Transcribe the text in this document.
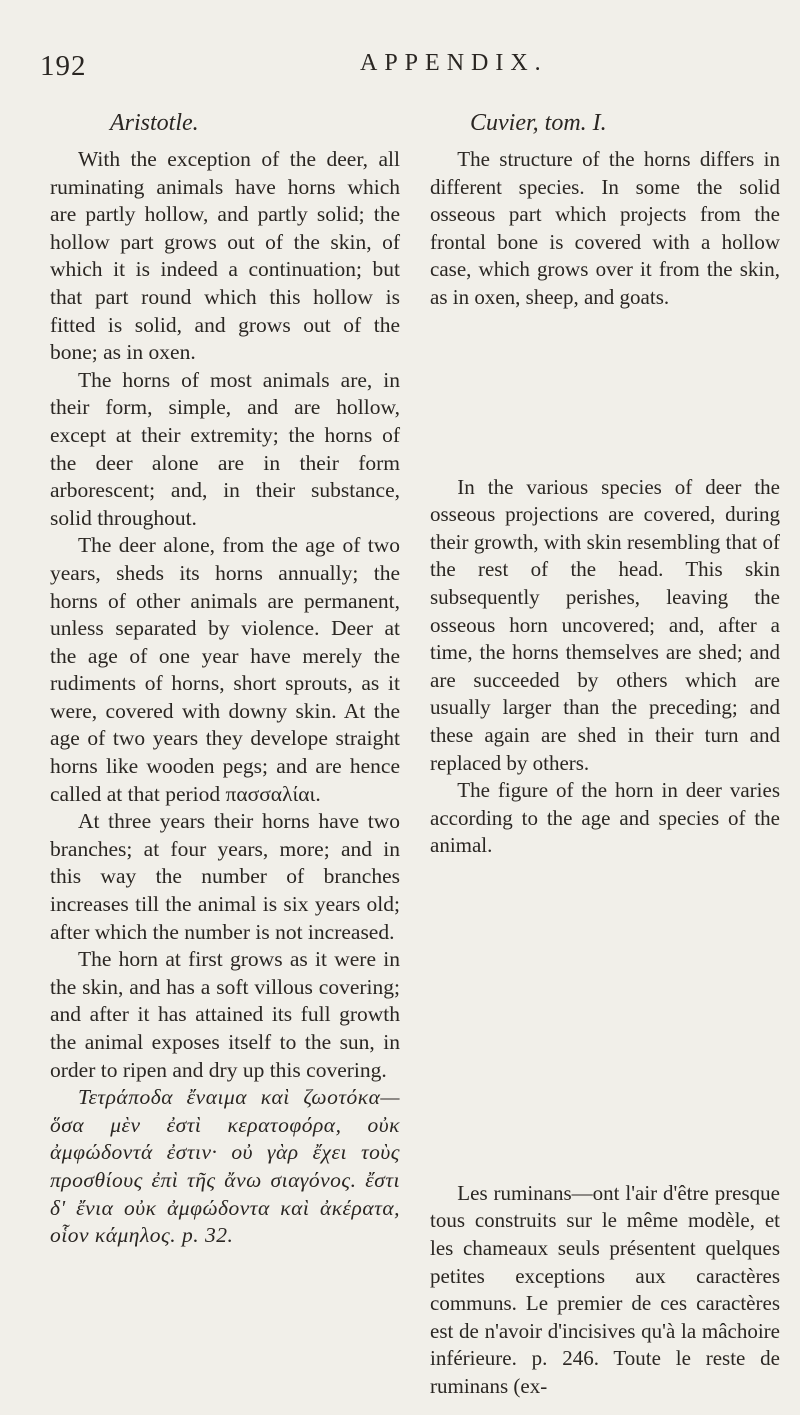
192	APPENDIX.
Aristotle.

With the exception of the deer, all ruminating animals have horns which are partly hollow, and partly solid; the hollow part grows out of the skin, of which it is indeed a continuation; but that part round which this hollow is fitted is solid, and grows out of the bone; as in oxen.

The horns of most animals are, in their form, simple, and are hollow, except at their extremity; the horns of the deer alone are in their form arborescent; and, in their substance, solid throughout.

The deer alone, from the age of two years, sheds its horns annually; the horns of other animals are permanent, unless separated by violence. Deer at the age of one year have merely the rudiments of horns, short sprouts, as it were, covered with downy skin. At the age of two years they develope straight horns like wooden pegs; and are hence called at that period πασσαλίαι.

At three years their horns have two branches; at four years, more; and in this way the number of branches increases till the animal is six years old; after which the number is not increased.

The horn at first grows as it were in the skin, and has a soft villous covering; and after it has attained its full growth the animal exposes itself to the sun, in order to ripen and dry up this covering.

Τετράποδα ἔναιμα καὶ ζωοτόκα—ὅσα μὲν ἐστὶ κερατοφόρα, οὐκ ἀμφώδοντά ἐστιν· οὐ γὰρ ἔχει τοὺς προσθίους ἐπὶ τῆς ἄνω σιαγόνος. ἔστι δ' ἔνια οὐκ ἀμφώδοντα καὶ ἀκέρατα, οἷον κάμηλος. p. 32.

Cuvier, tom. I.

The structure of the horns differs in different species. In some the solid osseous part which projects from the frontal bone is covered with a hollow case, which grows over it from the skin, as in oxen, sheep, and goats.

In the various species of deer the osseous projections are covered, during their growth, with skin resembling that of the rest of the head. This skin subsequently perishes, leaving the osseous horn uncovered; and, after a time, the horns themselves are shed; and are succeeded by others which are usually larger than the preceding; and these again are shed in their turn and replaced by others.

The figure of the horn in deer varies according to the age and species of the animal.

Les ruminans—ont l'air d'être presque tous construits sur le même modèle, et les chameaux seuls présentent quelques petites exceptions aux caractères communs. Le premier de ces caractères est de n'avoir d'incisives qu'à la mâchoire inférieure. p. 246. Toute le reste de ruminans (ex-
